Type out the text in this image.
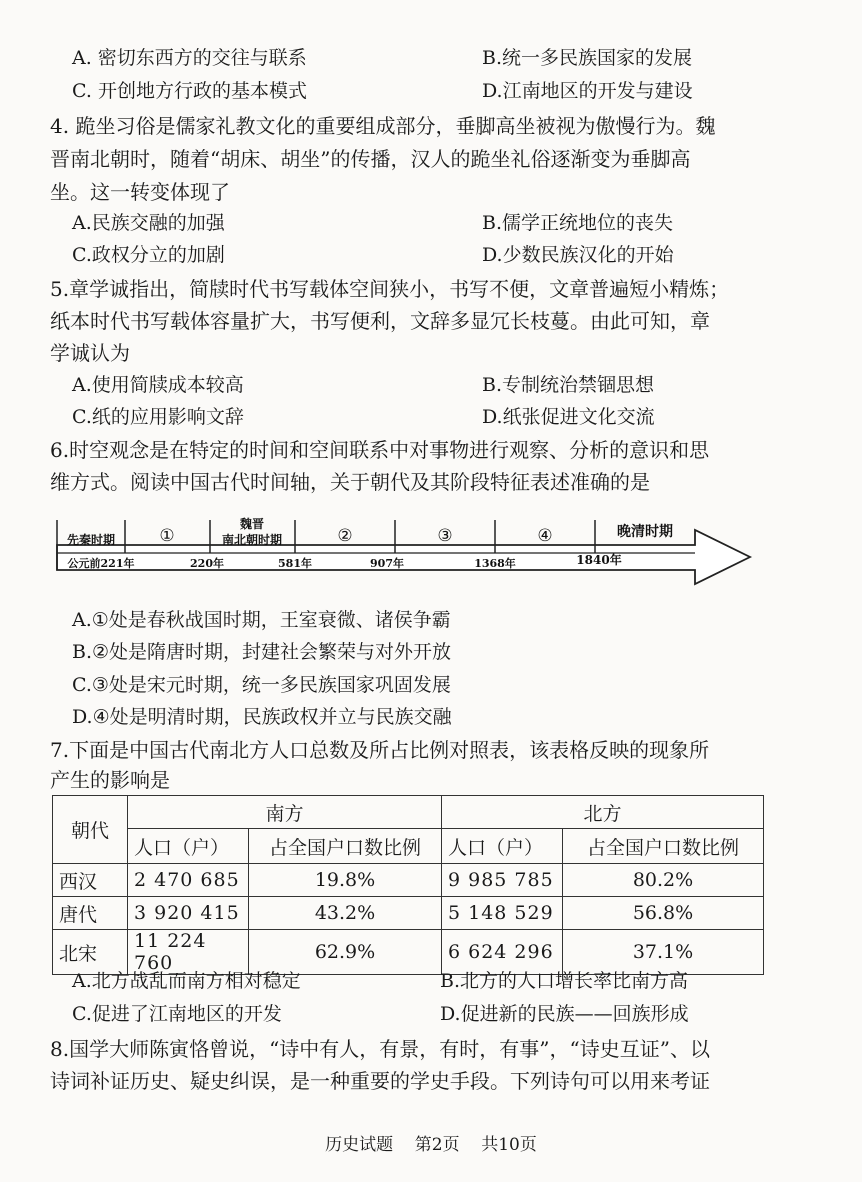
A. 密切东西方的交往与联系	B.统一多民族国家的发展
C. 开创地方行政的基本模式	D.江南地区的开发与建设
4. 跪坐习俗是儒家礼教文化的重要组成部分，垂脚高坐被视为傲慢行为。魏
晋南北朝时，随着“胡床、胡坐”的传播，汉人的跪坐礼俗逐渐变为垂脚高
坐。这一转变体现了
A.民族交融的加强	B.儒学正统地位的丧失
C.政权分立的加剧	D.少数民族汉化的开始
5.章学诚指出，简牍时代书写载体空间狭小，书写不便，文章普遍短小精炼；
纸本时代书写载体容量扩大，书写便利，文辞多显冗长枝蔓。由此可知，章
学诚认为
A.使用简牍成本较高	B.专制统治禁锢思想
C.纸的应用影响文辞	D.纸张促进文化交流
6.时空观念是在特定的时间和空间联系中对事物进行观察、分析的意识和思
维方式。阅读中国古代时间轴，关于朝代及其阶段特征表述准确的是
先秦时期	①
魏晋
南北朝时期	②	③	④	晚清时期
公元前221年	220年	581年	907年	1368年	1840年
A.①处是春秋战国时期，王室衰微、诸侯争霸
B.②处是隋唐时期，封建社会繁荣与对外开放
C.③处是宋元时期，统一多民族国家巩固发展
D.④处是明清时期，民族政权并立与民族交融
7.下面是中国古代南北方人口总数及所占比例对照表，该表格反映的现象所
产生的影响是
朝代	南方		北方	
	人口（户）	占全国户口数比例	人口（户）	占全国户口数比例
西汉	2 470 685	19.8%	9 985 785	80.2%
唐代	3 920 415	43.2%	5 148 529	56.8%
北宋	11 224 760	62.9%	6 624 296	37.1%
A.北方战乱而南方相对稳定	B.北方的人口增长率比南方高
C.促进了江南地区的开发	D.促进新的民族——回族形成
8.国学大师陈寅恪曾说，“诗中有人，有景，有时，有事”，“诗史互证”、以
诗词补证历史、疑史纠误，是一种重要的学史手段。下列诗句可以用来考证
历史试题    第2页    共10页
